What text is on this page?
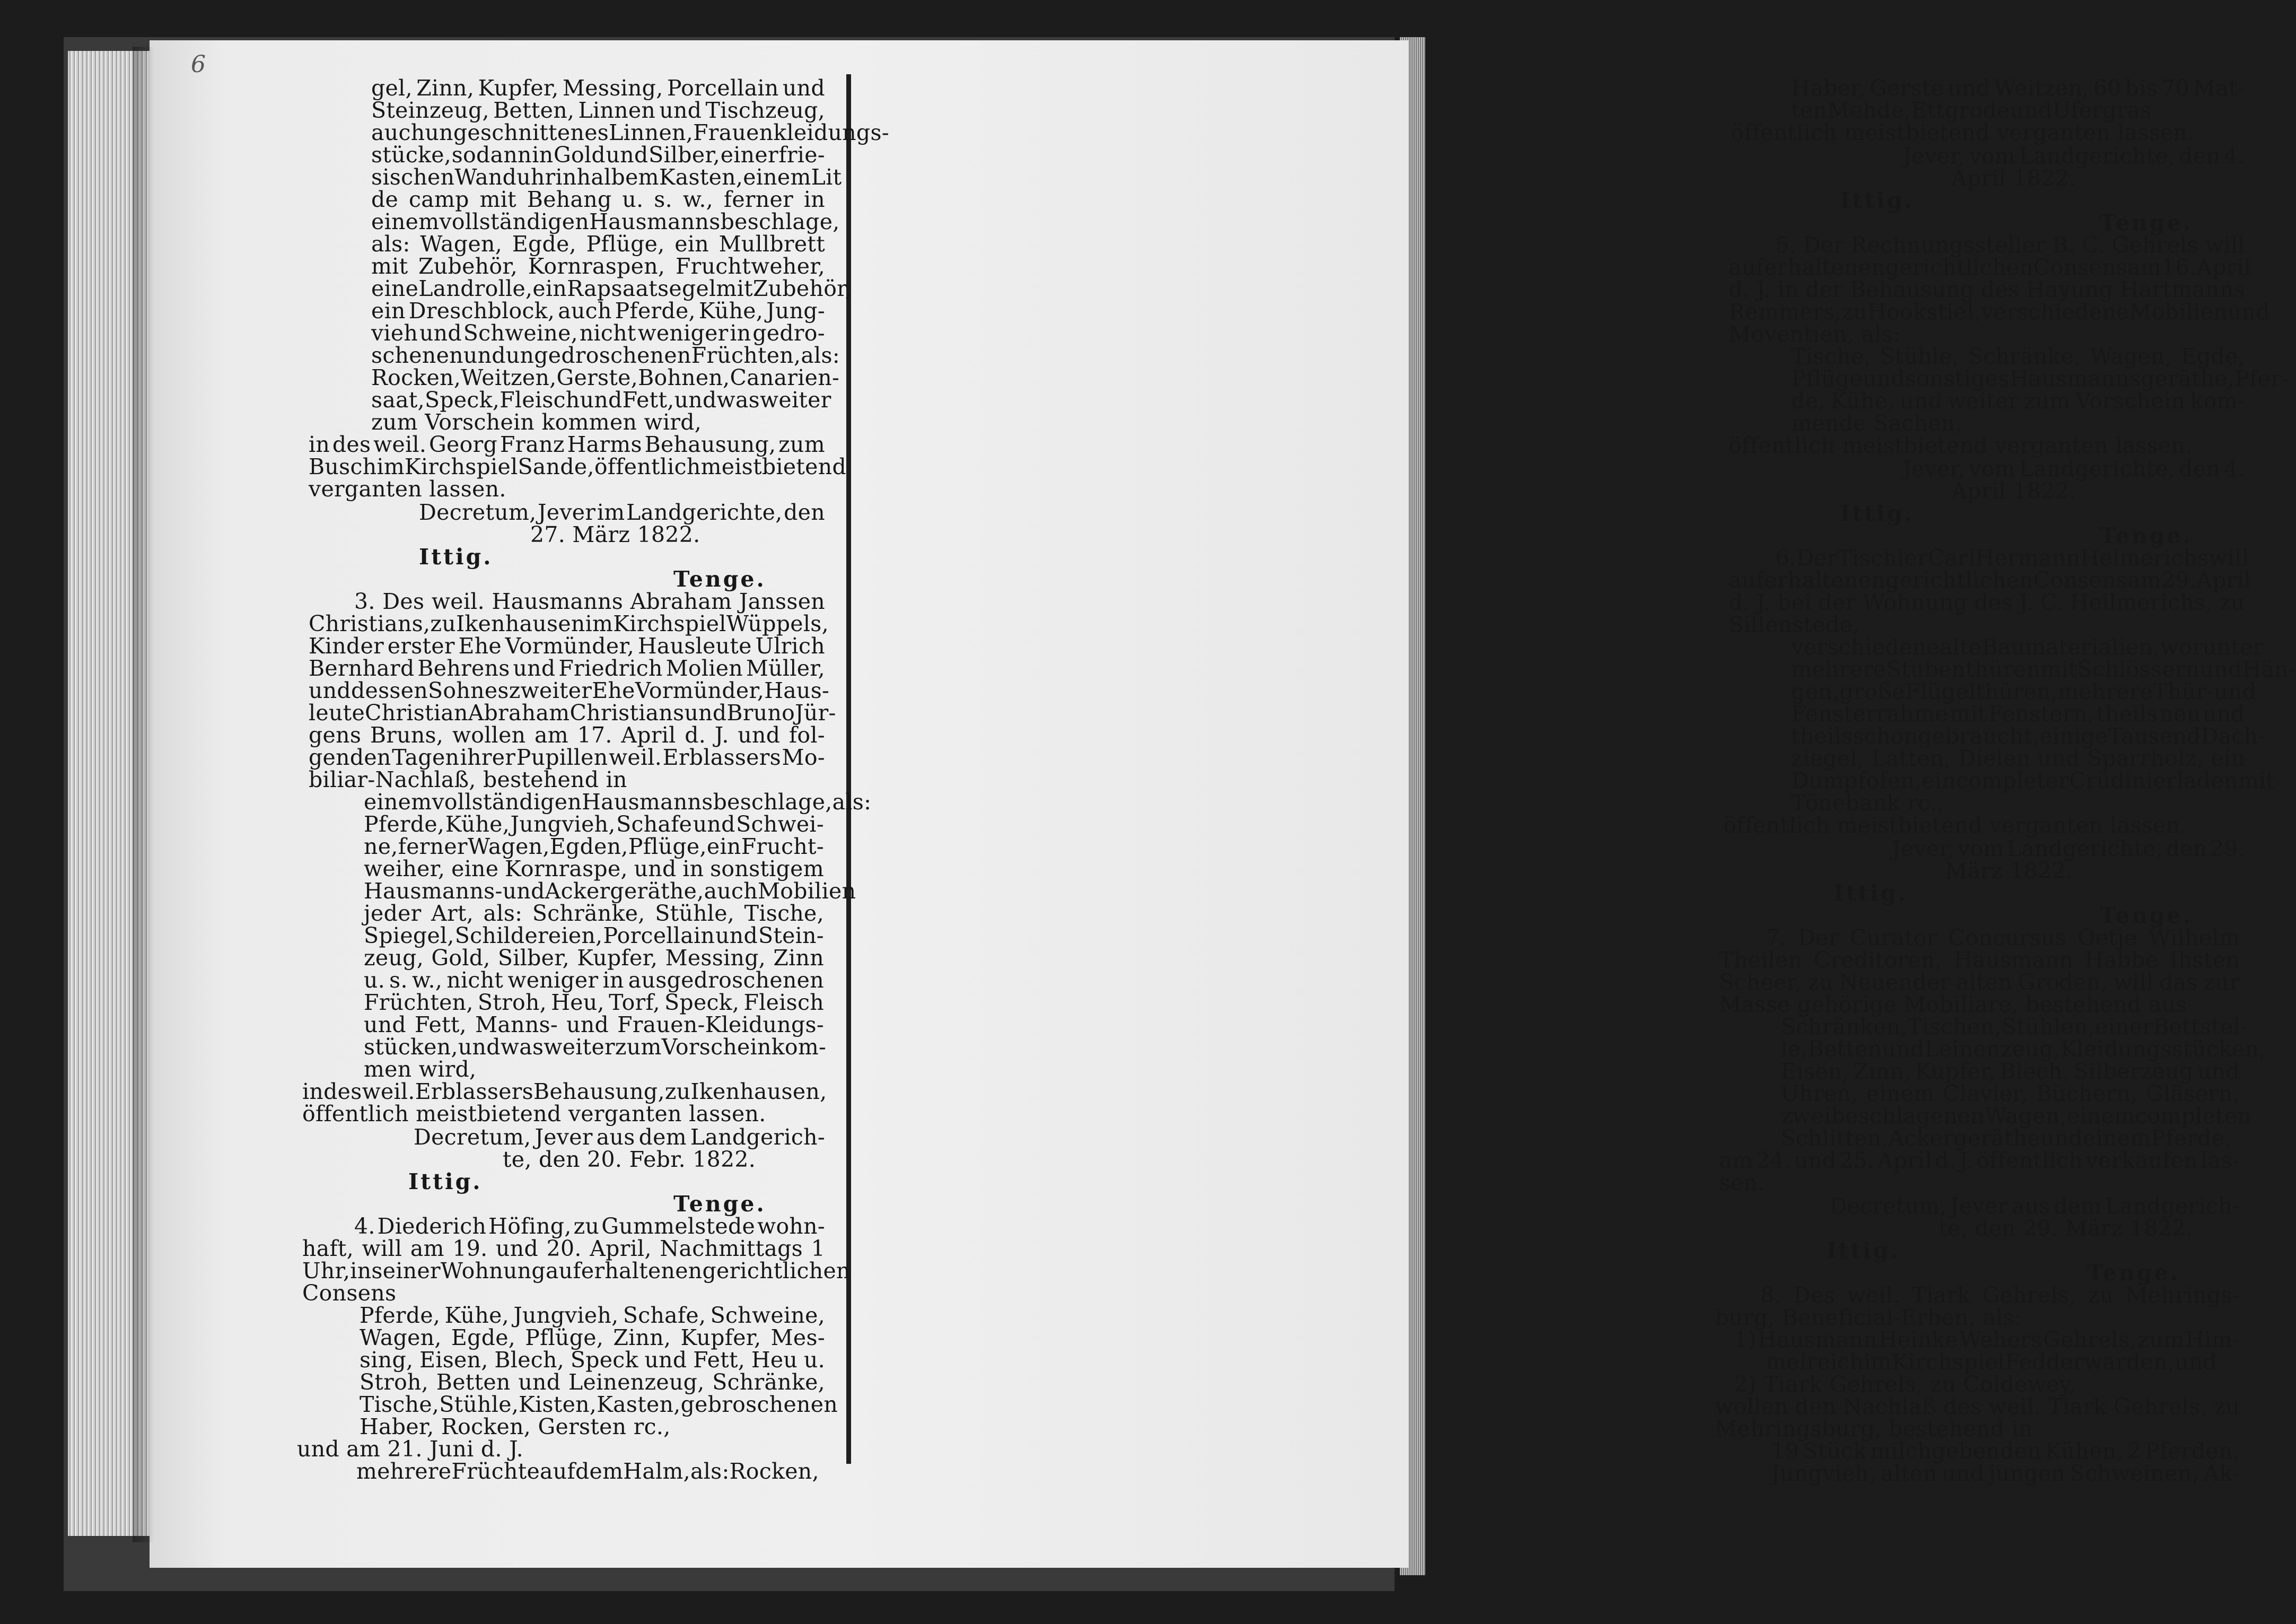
6
gel, Zinn, Kupfer, Messing, Porcellain und
Steinzeug, Betten, Linnen und Tischzeug,
auch ungeschnittenes Linnen, Frauenkleidungs-
stücke, sodann in Gold und Silber, einer frie-
sischen Wanduhr in halbem Kasten, einem Lit
de camp mit Behang u. s. w., ferner in
einem vollständigen Hausmannsbeschlage,
als: Wagen, Egde, Pflüge, ein Mullbrett
mit Zubehör, Kornraspen, Fruchtweher,
eine Landrolle, ein Rapsaatsegel mit Zubehör,
ein Dreschblock, auch Pferde, Kühe, Jung-
vieh und Schweine, nicht weniger in gedro-
schenen und ungedroschenen Früchten, als:
Rocken, Weitzen, Gerste, Bohnen, Canarien-
saat, Speck, Fleisch und Fett, und was weiter
zum Vorschein kommen wird,
in des weil. Georg Franz Harms Behausung, zum
Busch im Kirchspiel Sande, öffentlich meistbietend
verganten lassen.
Decretum, Jever im Landgerichte, den
27. März 1822.
Ittig.
Tenge.
3. Des weil. Hausmanns Abraham Janssen
Christians, zu Ikenhausen im Kirchspiel Wüppels,
Kinder erster Ehe Vormünder, Hausleute Ulrich
Bernhard Behrens und Friedrich Molien Müller,
und dessen Sohnes zweiter Ehe Vormünder, Haus-
leute Christian Abraham Christians und Bruno Jür-
gens Bruns, wollen am 17. April d. J. und fol-
genden Tagen ihrer Pupillen weil. Erblassers Mo-
biliar-Nachlaß, bestehend in
einem vollständigen Hausmannsbeschlage, als:
Pferde, Kühe, Jungvieh, Schafe und Schwei-
ne, ferner Wagen, Egden, Pflüge, ein Frucht-
weiher, eine Kornraspe, und in sonstigem
Hausmanns- und Ackergeräthe, auch Mobilien
jeder Art, als: Schränke, Stühle, Tische,
Spiegel, Schildereien, Porcellain und Stein-
zeug, Gold, Silber, Kupfer, Messing, Zinn
u. s. w., nicht weniger in ausgedroschenen
Früchten, Stroh, Heu, Torf, Speck, Fleisch
und Fett, Manns- und Frauen-Kleidungs-
stücken, und was weiter zum Vorschein kom-
men wird,
in des weil. Erblassers Behausung, zu Ikenhausen,
öffentlich meistbietend verganten lassen.
Decretum, Jever aus dem Landgerich-
te, den 20. Febr. 1822.
Ittig.
Tenge.
4. Diederich Höfing, zu Gummelstede wohn-
haft, will am 19. und 20. April, Nachmittags 1
Uhr, in seiner Wohnung auf erhaltenen gerichtlichen
Consens
Pferde, Kühe, Jungvieh, Schafe, Schweine,
Wagen, Egde, Pflüge, Zinn, Kupfer, Mes-
sing, Eisen, Blech, Speck und Fett, Heu u.
Stroh, Betten und Leinenzeug, Schränke,
Tische, Stühle, Kisten, Kasten, gebroschenen
Haber, Rocken, Gersten rc.,
und am 21. Juni d. J.
mehrere Früchte auf dem Halm, als: Rocken,
Haber, Gerste und Weitzen, 60 bis 70 Mat-
ten Mehde, Ettgrode und Ufergras
öffentlich meistbietend verganten lassen.
Jever, vom Landgerichte, den 4.
April 1822.
Ittig.
Tenge.
5. Der Rechnungssteller B. C. Gehrels will
auf erhaltenen gerichtlichen Consens am 16. April
d. J. in der Behausung des Hayung Hartmanns
Remmers, zu Hookstiel, verschiedene Mobilien und
Moventien, als:
Tische, Stühle, Schränke, Wagen, Egde,
Pflüge und sonstiges Hausmannsgeräthe, Pfer-
de, Kühe, und weiter zum Vorschein kom-
mende Sachen,
öffentlich meistbietend verganten lassen.
Jever, vom Landgerichte, den 4.
April 1822.
Ittig.
Tenge.
6. Der Tischler Carl Hermann Helmerichs will
auf erhaltenen gerichtlichen Consens am 29. April
d. J. bei der Wohnung des J. C. Hellmerichs, zu
Sillenstede,
verschiedene alte Baumaterialien, worunter
mehrere Stubenthüren mit Schlössern und Hän-
gen, große Flügelthüren, mehrere Thür- und
Fensterrahme mit Fenstern, theils neu und
theils schon gebraucht, einige Tausend Dach-
ziegel, Latten, Dielen und Sparrholz, ein
Dumpfofen, ein completer Crüdinierladen mit
Tönebank rc.,
öffentlich meistbietend verganten lassen.
Jever, vom Landgerichte, den 29.
März 1822.
Ittig.
Tenge.
7. Der Curator Concursus Oetje Wilhelm
Theilen Creditoren, Hausmann Habbe Ihsten
Scheer, zu Neuender alten Groden, will das zur
Masse gehörige Mobiliare, bestehend aus
Schränken, Tischen, Stühlen, einer Bettstel-
le, Betten und Leinenzeug, Kleidungsstücken,
Eisen, Zinn, Kupfer, Blech, Silberzeug und
Uhren, einem Clavier, Büchern, Gläsern,
zwei beschlagenen Wagen, einem completen
Schlitten, Ackergeräthe und einem Pferde,
am 24. und 25. April d. J. öffentlich verkaufen las-
sen.
Decretum, Jever aus dem Landgerich-
te, den 29. März 1822.
Ittig.
Tenge.
8. Des weil. Tiark Gehrels, zu Mehrings-
burg, Beneficial-Erben, als:
1) Hausmann Heinke Wehers Gehrels, zum Him-
melreich im Kirchspiel Fedderwarden, und
2) Tiark Gehrels, zu Coldewey,
wollen den Nachlaß des weil. Tiark Gehrels, zu
Mehringsburg, bestehend in
19 Stück milchgebenden Kühen, 2 Pferden,
Jungvieh, alten und jungen Schweinen, Ak-
